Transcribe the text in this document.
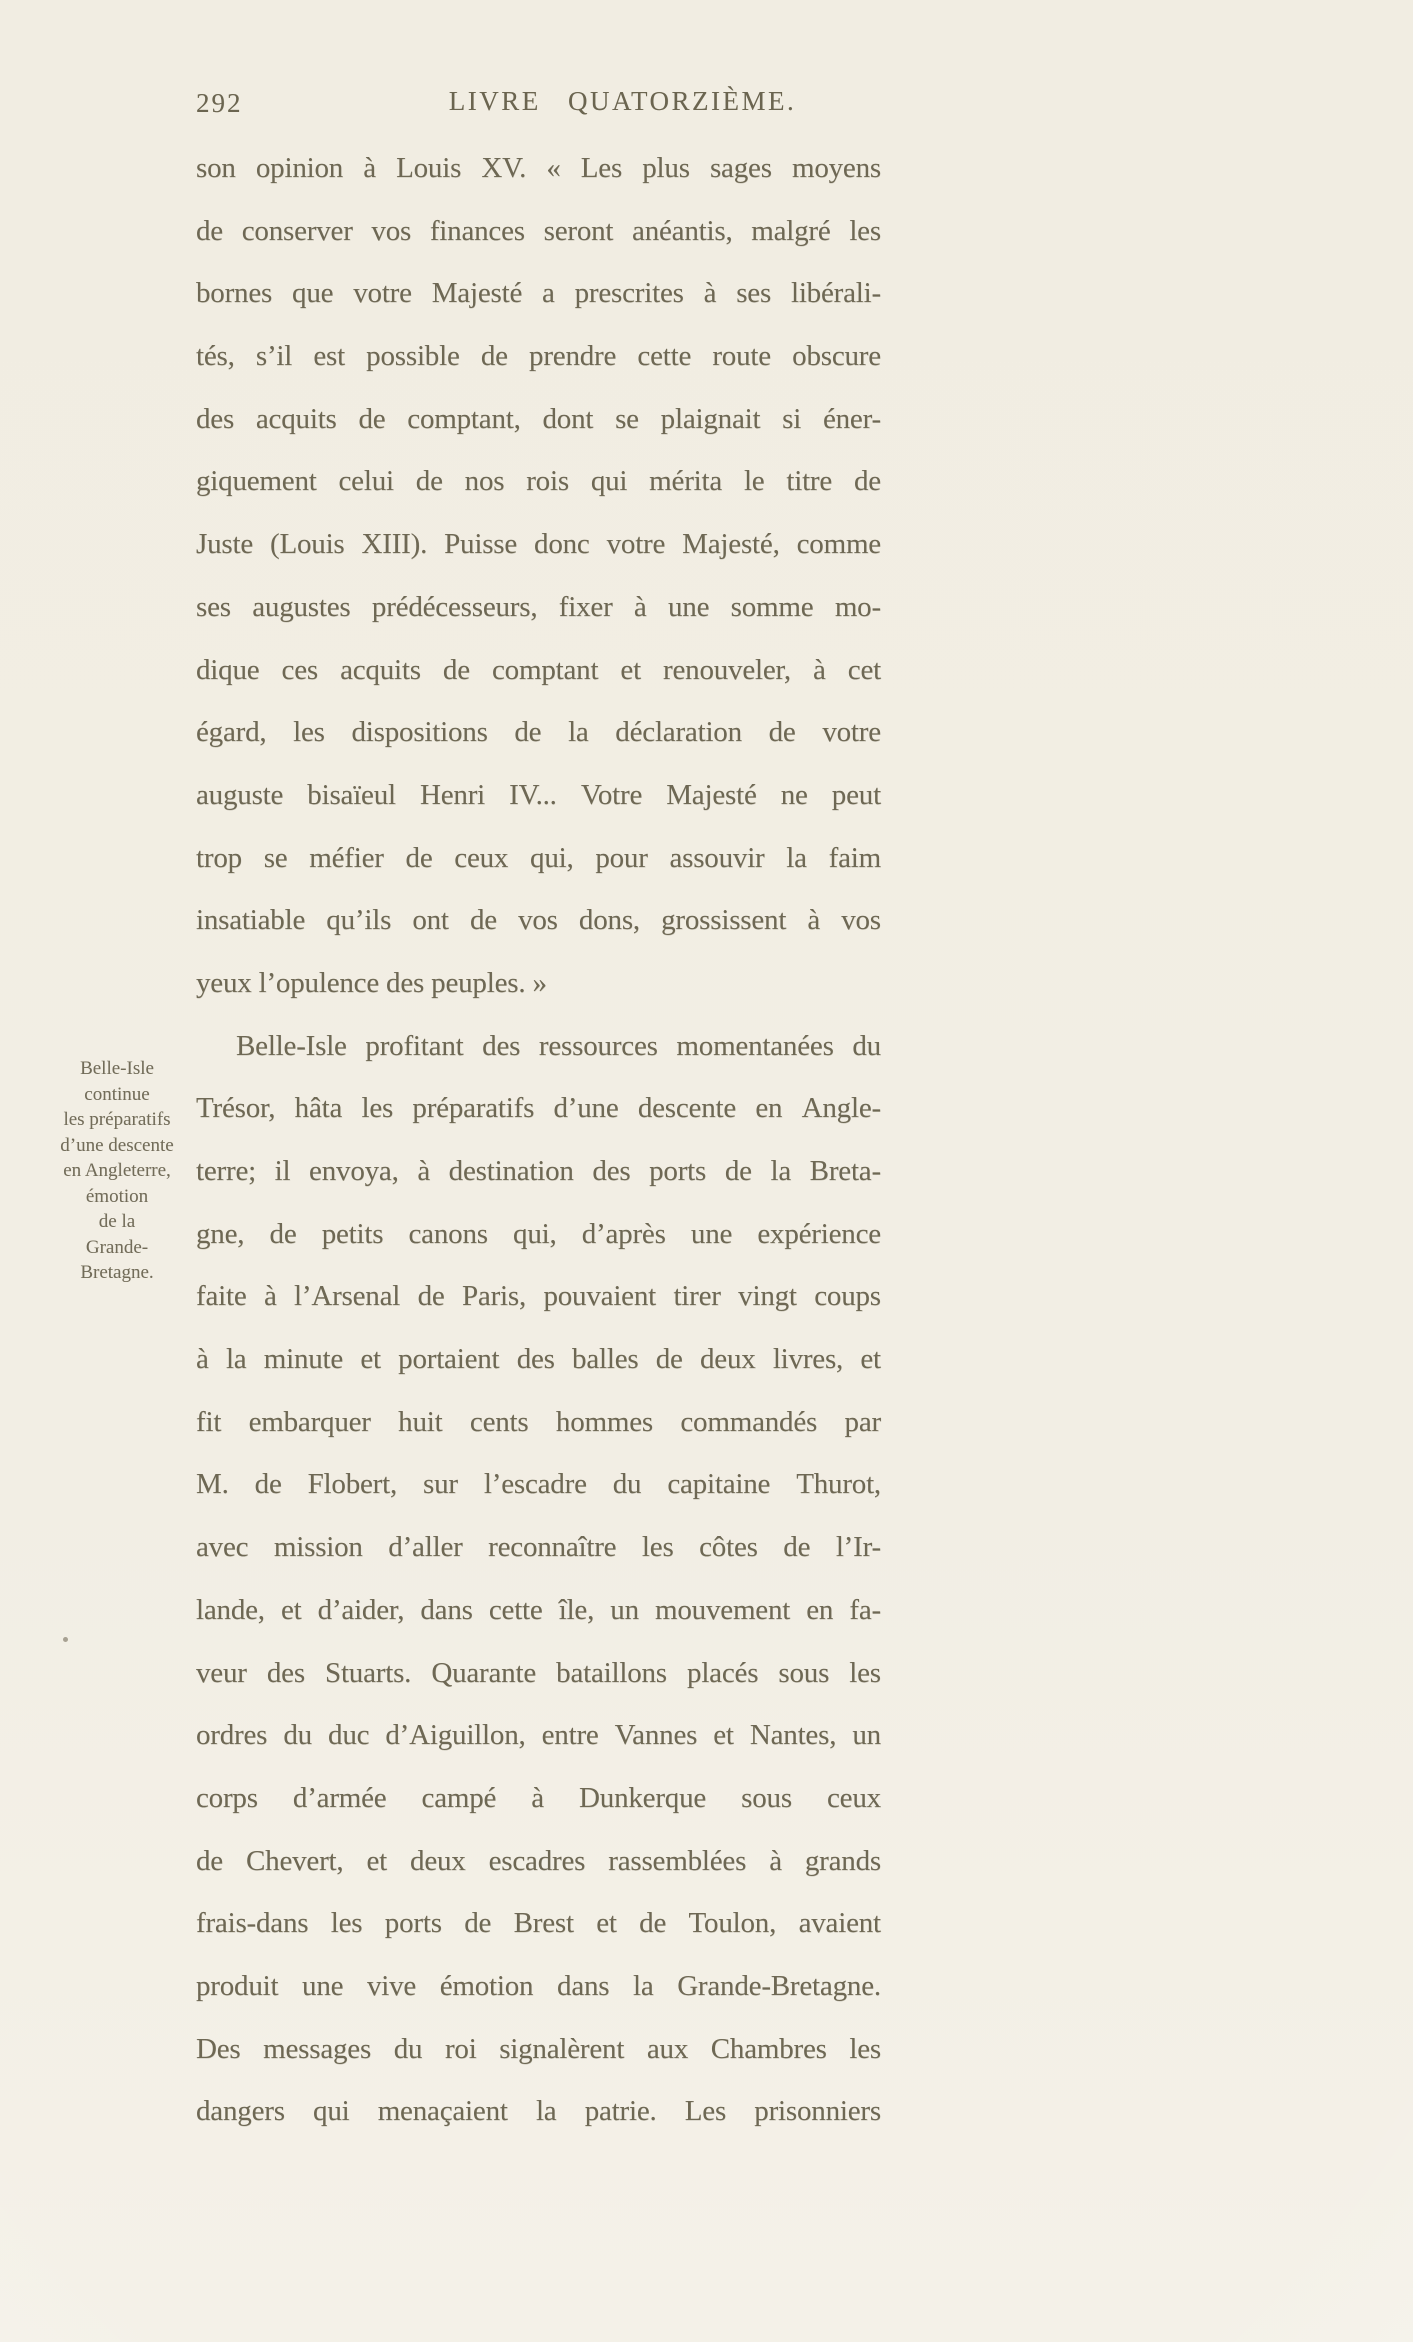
292	LIVRE QUATORZIÈME.
Belle-Isle
continue
les préparatifs
d’une descente
en Angleterre,
émotion
de la
Grande-
Bretagne.
son opinion à Louis XV. « Les plus sages moyens
de conserver vos finances seront anéantis, malgré les
bornes que votre Majesté a prescrites à ses libérali-
tés, s’il est possible de prendre cette route obscure
des acquits de comptant, dont se plaignait si éner-
giquement celui de nos rois qui mérita le titre de
Juste (Louis XIII). Puisse donc votre Majesté, comme
ses augustes prédécesseurs, fixer à une somme mo-
dique ces acquits de comptant et renouveler, à cet
égard, les dispositions de la déclaration de votre
auguste bisaïeul Henri IV... Votre Majesté ne peut
trop se méfier de ceux qui, pour assouvir la faim
insatiable qu’ils ont de vos dons, grossissent à vos
yeux l’opulence des peuples. »
Belle-Isle profitant des ressources momentanées du
Trésor, hâta les préparatifs d’une descente en Angle-
terre; il envoya, à destination des ports de la Breta-
gne, de petits canons qui, d’après une expérience
faite à l’Arsenal de Paris, pouvaient tirer vingt coups
à la minute et portaient des balles de deux livres, et
fit embarquer huit cents hommes commandés par
M. de Flobert, sur l’escadre du capitaine Thurot,
avec mission d’aller reconnaître les côtes de l’Ir-
lande, et d’aider, dans cette île, un mouvement en fa-
veur des Stuarts. Quarante bataillons placés sous les
ordres du duc d’Aiguillon, entre Vannes et Nantes, un
corps d’armée campé à Dunkerque sous ceux
de Chevert, et deux escadres rassemblées à grands
frais-dans les ports de Brest et de Toulon, avaient
produit une vive émotion dans la Grande-Bretagne.
Des messages du roi signalèrent aux Chambres les
dangers qui menaçaient la patrie. Les prisonniers
